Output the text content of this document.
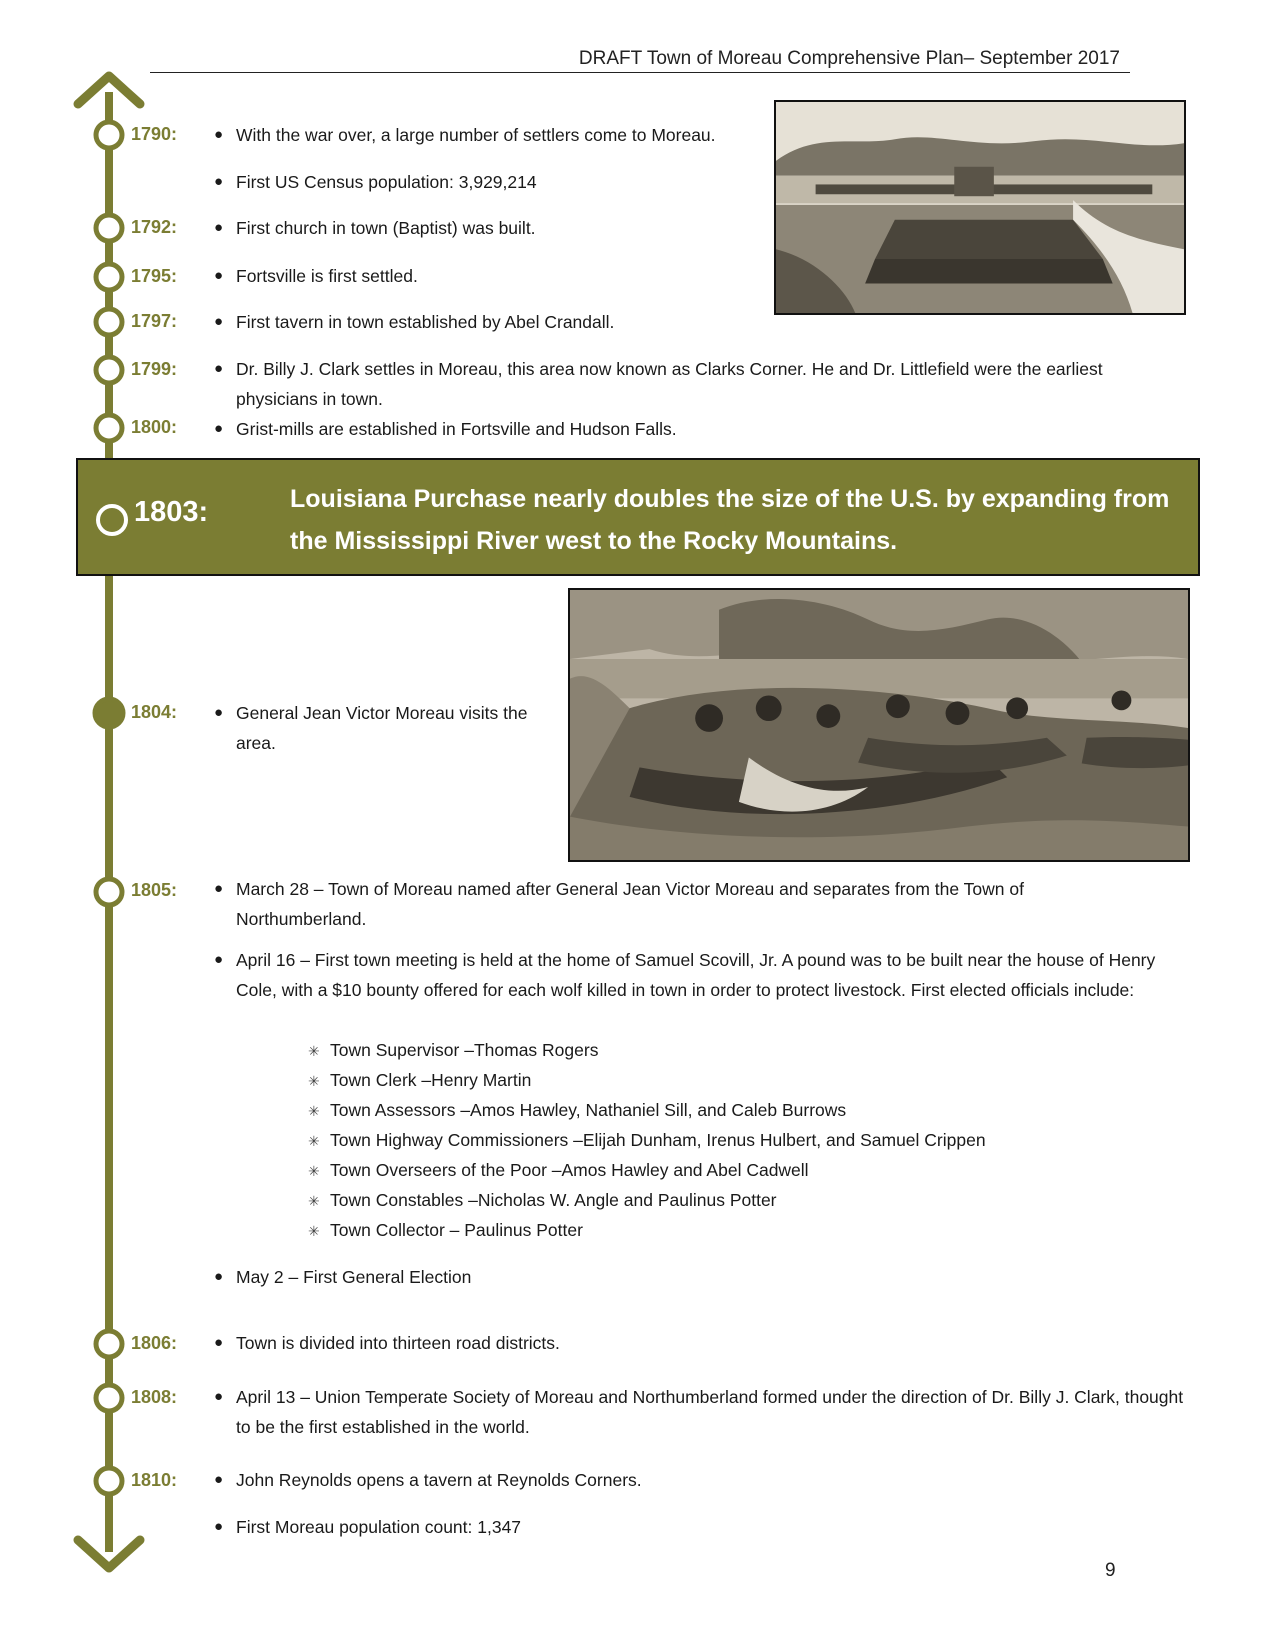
DRAFT Town of Moreau Comprehensive Plan– September 2017
1790: ● With the war over, a large number of settlers come to Moreau.
● First US Census population: 3,929,214
1792: ● First church in town (Baptist) was built.
1795: ● Fortsville is first settled.
1797: ● First tavern in town established by Abel Crandall.
1799: ● Dr. Billy J. Clark settles in Moreau, this area now known as Clarks Corner. He and Dr. Littlefield were the earliest physicians in town.
1800: ● Grist-mills are established in Fortsville and Hudson Falls.
1803:	Louisiana Purchase nearly doubles the size of the U.S. by expanding from the Mississippi River west to the Rocky Mountains.
1804: ● General Jean Victor Moreau visits the area.
1805: ● March 28 – Town of Moreau named after General Jean Victor Moreau and separates from the Town of Northumberland.
● April 16 – First town meeting is held at the home of Samuel Scovill, Jr. A pound was to be built near the house of Henry Cole, with a $10 bounty offered for each wolf killed in town in order to protect livestock. First elected officials include:
✳ Town Supervisor –Thomas Rogers
✳ Town Clerk –Henry Martin
✳ Town Assessors –Amos Hawley, Nathaniel Sill, and Caleb Burrows
✳ Town Highway Commissioners –Elijah Dunham, Irenus Hulbert, and Samuel Crippen
✳ Town Overseers of the Poor –Amos Hawley and Abel Cadwell
✳ Town Constables –Nicholas W. Angle and Paulinus Potter
✳ Town Collector – Paulinus Potter
● May 2 – First General Election
1806: ● Town is divided into thirteen road districts.
1808: ● April 13 – Union Temperate Society of Moreau and Northumberland formed under the direction of Dr. Billy J. Clark, thought to be the first established in the world.
1810: ● John Reynolds opens a tavern at Reynolds Corners.
● First Moreau population count: 1,347
9
